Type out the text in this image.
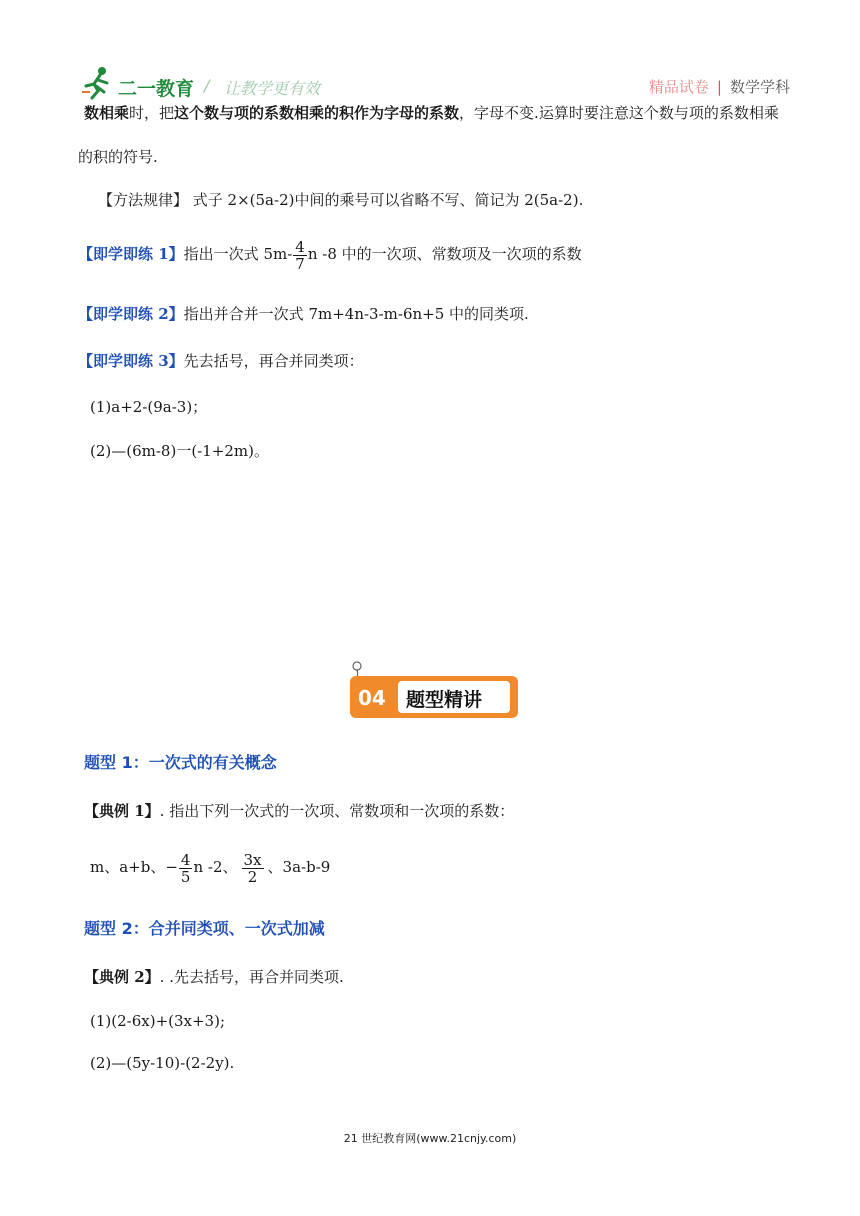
二一教育 / 让教学更有效	精品试卷 | 数学学科
数相乘时，把这个数与项的系数相乘的积作为字母的系数，字母不变.运算时要注意这个数与项的系数相乘
的积的符号.
【方法规律】 式子 2×(5a-2)中间的乘号可以省略不写、简记为 2(5a-2).
【即学即练 1】指出一次式 $5m- \frac{4}{7}$ n -8 中的一次项、常数项及一次项的系数
【即学即练 2】指出并合并一次式 7m+4n-3-m-6n+5 中的同类项.
【即学即练 3】先去括号，再合并同类项：
(1)a+2-(9a-3)；
(2)—(6m-8)一(-1+2m)。
04 题型精讲
题型 1：一次式的有关概念
【典例 1】. 指出下列一次式的一次项、常数项和一次项的系数：
m、a+b、− $\frac{4}{5}$ n -2、 $\frac{3x}{2}$ 、3a-b-9
题型 2：合并同类项、一次式加减
【典例 2】. .先去括号，再合并同类项.
(1)(2-6x)+(3x+3);
(2)—(5y-10)-(2-2y).
21 世纪教育网(www.21cnjy.com)
